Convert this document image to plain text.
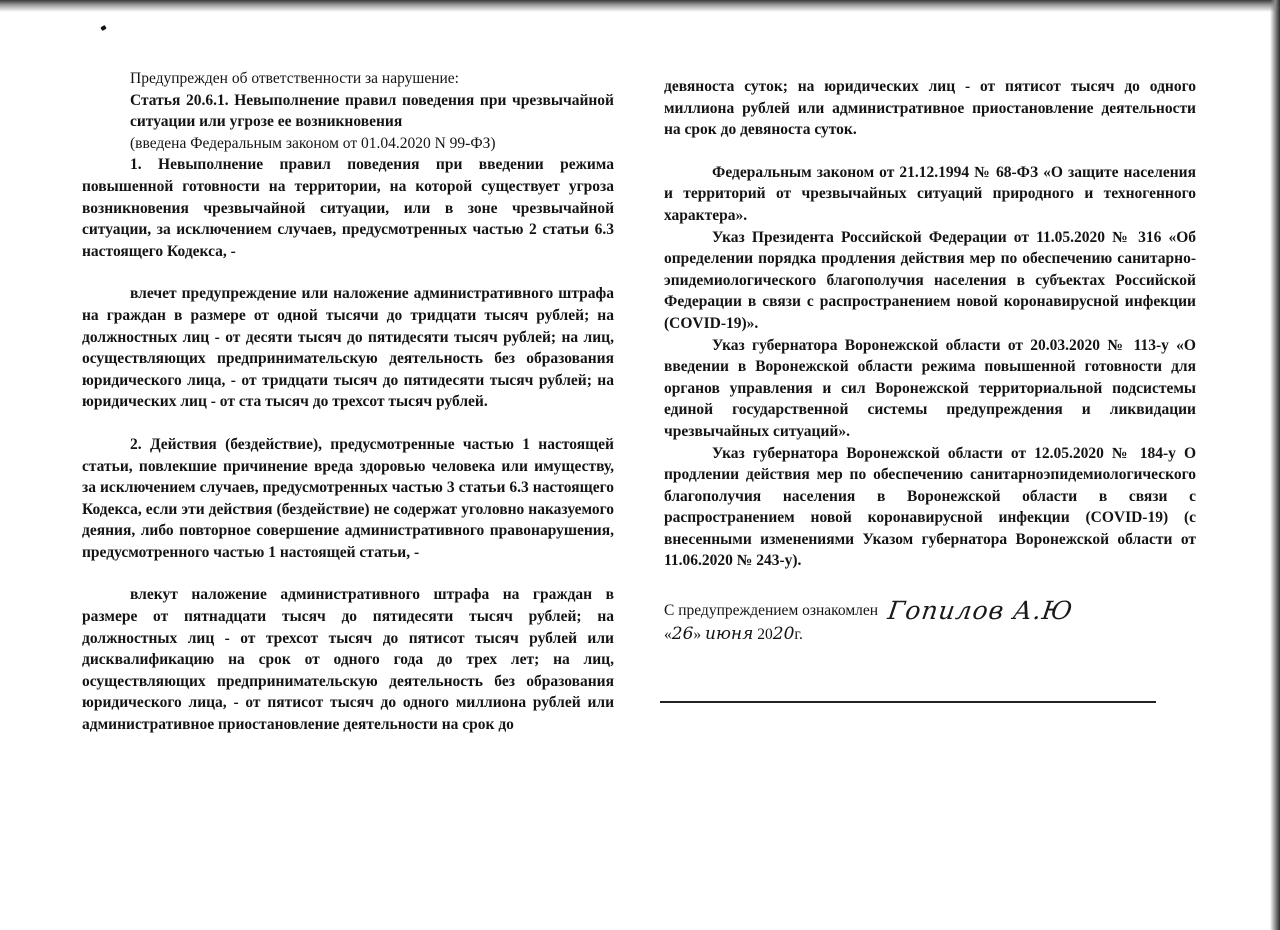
Предупрежден об ответственности за нарушение:

Статья 20.6.1. Невыполнение правил поведения при чрезвычайной ситуации или угрозе ее возникновения

(введена Федеральным законом от 01.04.2020 N 99-ФЗ)

1. Невыполнение правил поведения при введении режима повышенной готовности на территории, на которой существует угроза возникновения чрезвычайной ситуации, или в зоне чрезвычайной ситуации, за исключением случаев, предусмотренных частью 2 статьи 6.3 настоящего Кодекса, -

влечет предупреждение или наложение административного штрафа на граждан в размере от одной тысячи до тридцати тысяч рублей; на должностных лиц - от десяти тысяч до пятидесяти тысяч рублей; на лиц, осуществляющих предпринимательскую деятельность без образования юридического лица, - от тридцати тысяч до пятидесяти тысяч рублей; на юридических лиц - от ста тысяч до трехсот тысяч рублей.

2. Действия (бездействие), предусмотренные частью 1 настоящей статьи, повлекшие причинение вреда здоровью человека или имуществу, за исключением случаев, предусмотренных частью 3 статьи 6.3 настоящего Кодекса, если эти действия (бездействие) не содержат уголовно наказуемого деяния, либо повторное совершение административного правонарушения, предусмотренного частью 1 настоящей статьи, -

влекут наложение административного штрафа на граждан в размере от пятнадцати тысяч до пятидесяти тысяч рублей; на должностных лиц - от трехсот тысяч до пятисот тысяч рублей или дисквалификацию на срок от одного года до трех лет; на лиц, осуществляющих предпринимательскую деятельность без образования юридического лица, - от пятисот тысяч до одного миллиона рублей или административное приостановление деятельности на срок до

девяноста суток; на юридических лиц - от пятисот тысяч до одного миллиона рублей или административное приостановление деятельности на срок до девяноста суток.

Федеральным законом от 21.12.1994 № 68-ФЗ «О защите населения и территорий от чрезвычайных ситуаций природного и техногенного характера».

Указ Президента Российской Федерации от 11.05.2020 № 316 «Об определении порядка продления действия мер по обеспечению санитарно-эпидемиологического благополучия населения в субъектах Российской Федерации в связи с распространением новой коронавирусной инфекции (COVID-19)».

Указ губернатора Воронежской области от 20.03.2020 № 113-у «О введении в Воронежской области режима повышенной готовности для органов управления и сил Воронежской территориальной подсистемы единой государственной системы предупреждения и ликвидации чрезвычайных ситуаций».

Указ губернатора Воронежской области от 12.05.2020 № 184-у О продлении действия мер по обеспечению санитарноэпидемиологического благополучия населения в Воронежской области в связи с распространением новой коронавирусной инфекции (COVID-19) (с внесенными изменениями Указом губернатора Воронежской области от 11.06.2020 № 243-у).

С предупреждением ознакомлен Гопилов А.Ю
«26» июня 2020г.
